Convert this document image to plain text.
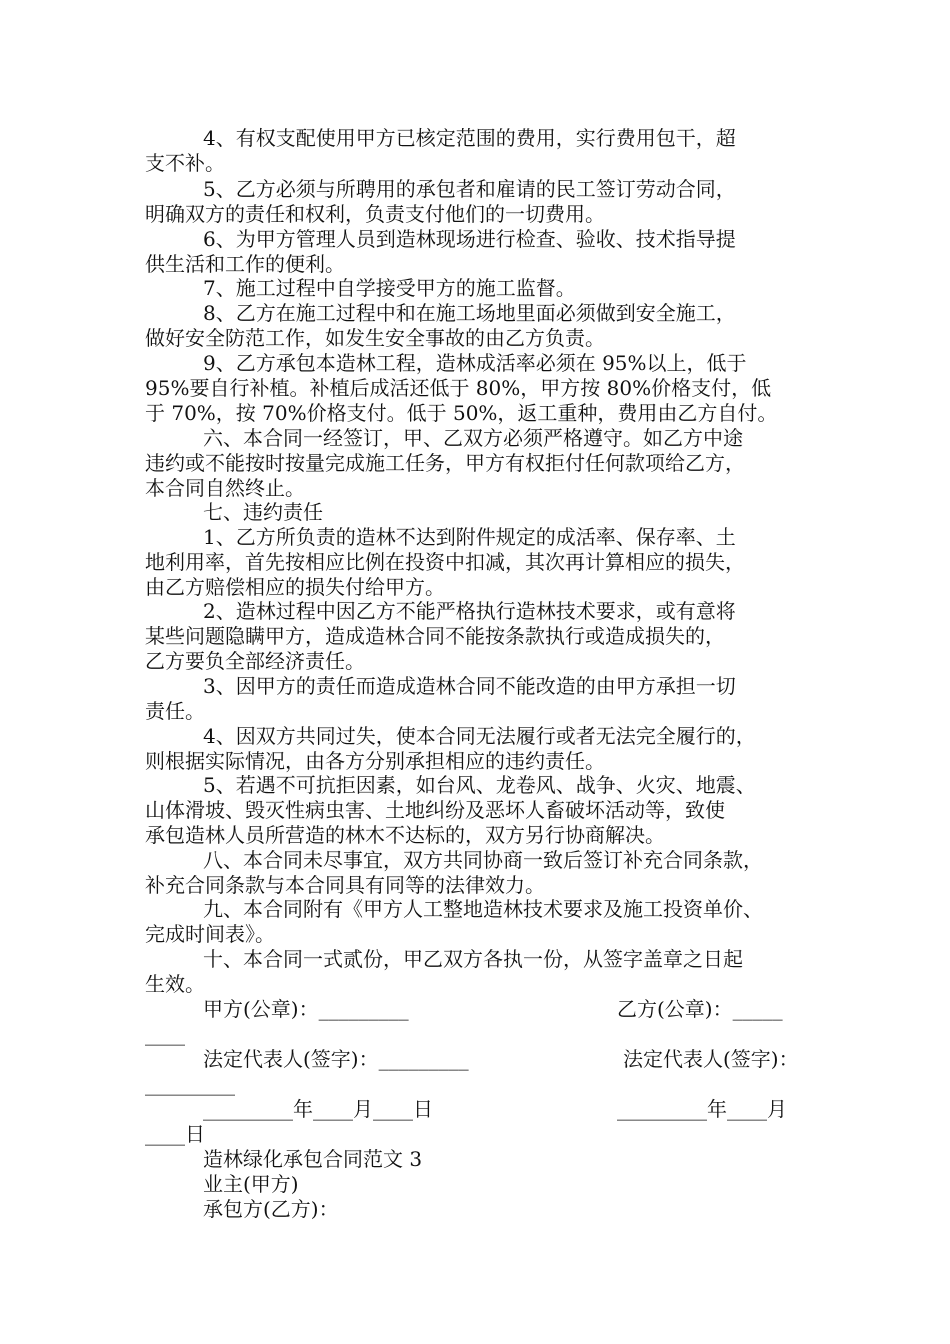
4、有权支配使用甲方已核定范围的费用，实行费用包干，超

支不补。

5、乙方必须与所聘用的承包者和雇请的民工签订劳动合同，

明确双方的责任和权利，负责支付他们的一切费用。

6、为甲方管理人员到造林现场进行检查、验收、技术指导提

供生活和工作的便利。

7、施工过程中自学接受甲方的施工监督。

8、乙方在施工过程中和在施工场地里面必须做到安全施工，

做好安全防范工作，如发生安全事故的由乙方负责。

9、乙方承包本造林工程，造林成活率必须在 95%以上，低于

95%要自行补植。补植后成活还低于 80%，甲方按 80%价格支付，低

于 70%，按 70%价格支付。低于 50%，返工重种，费用由乙方自付。

六、本合同一经签订，甲、乙双方必须严格遵守。如乙方中途

违约或不能按时按量完成施工任务，甲方有权拒付任何款项给乙方，

本合同自然终止。

七、违约责任

1、乙方所负责的造林不达到附件规定的成活率、保存率、土

地利用率，首先按相应比例在投资中扣减，其次再计算相应的损失，

由乙方赔偿相应的损失付给甲方。

2、造林过程中因乙方不能严格执行造林技术要求，或有意将

某些问题隐瞒甲方，造成造林合同不能按条款执行或造成损失的，

乙方要负全部经济责任。

3、因甲方的责任而造成造林合同不能改造的由甲方承担一切

责任。

4、因双方共同过失，使本合同无法履行或者无法完全履行的，

则根据实际情况，由各方分别承担相应的违约责任。

5、若遇不可抗拒因素，如台风、龙卷风、战争、火灾、地震、

山体滑坡、毁灭性病虫害、土地纠纷及恶坏人畜破坏活动等，致使

承包造林人员所营造的林木不达标的，双方另行协商解决。

八、本合同未尽事宜，双方共同协商一致后签订补充合同条款，

补充合同条款与本合同具有同等的法律效力。

九、本合同附有《甲方人工整地造林技术要求及施工投资单价、

完成时间表》。

十、本合同一式贰份，甲乙双方各执一份，从签字盖章之日起

生效。

甲方(公章)：_________	乙方(公章)：_____

____

法定代表人(签字)：_________	法定代表人(签字)：

_________

_________年____月____日	_________年____月

____日

造林绿化承包合同范文 3

业主(甲方)

承包方(乙方)：
